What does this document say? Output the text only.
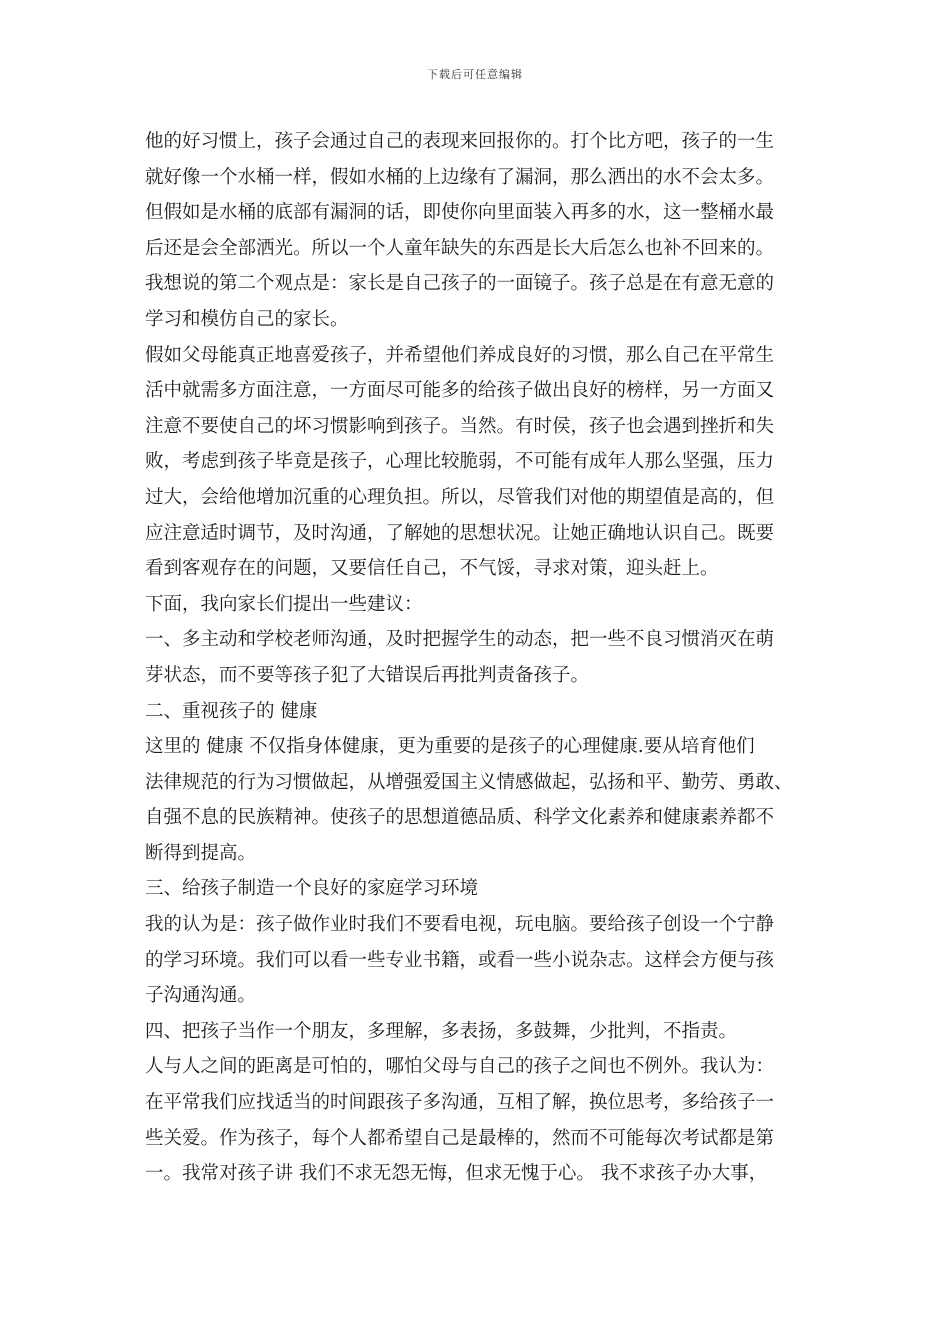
下载后可任意编辑
他的好习惯上，孩子会通过自己的表现来回报你的。打个比方吧，孩子的一生
就好像一个水桶一样，假如水桶的上边缘有了漏洞，那么洒出的水不会太多。
但假如是水桶的底部有漏洞的话，即使你向里面装入再多的水，这一整桶水最
后还是会全部洒光。所以一个人童年缺失的东西是长大后怎么也补不回来的。
我想说的第二个观点是：家长是自己孩子的一面镜子。孩子总是在有意无意的
学习和模仿自己的家长。
假如父母能真正地喜爱孩子，并希望他们养成良好的习惯，那么自己在平常生
活中就需多方面注意，一方面尽可能多的给孩子做出良好的榜样，另一方面又
注意不要使自己的坏习惯影响到孩子。当然。有时侯，孩子也会遇到挫折和失
败，考虑到孩子毕竟是孩子，心理比较脆弱，不可能有成年人那么坚强，压力
过大，会给他增加沉重的心理负担。所以，尽管我们对他的期望值是高的，但
应注意适时调节，及时沟通，了解她的思想状况。让她正确地认识自己。既要
看到客观存在的问题，又要信任自己，不气馁，寻求对策，迎头赶上。
下面，我向家长们提出一些建议：
一、多主动和学校老师沟通，及时把握学生的动态，把一些不良习惯消灭在萌
芽状态，而不要等孩子犯了大错误后再批判责备孩子。
二、重视孩子的 健康
这里的 健康 不仅指身体健康，更为重要的是孩子的心理健康.要从培育他们
法律规范的行为习惯做起，从增强爱国主义情感做起，弘扬和平、勤劳、勇敢、
自强不息的民族精神。使孩子的思想道德品质、科学文化素养和健康素养都不
断得到提高。
三、给孩子制造一个良好的家庭学习环境
我的认为是：孩子做作业时我们不要看电视，玩电脑。要给孩子创设一个宁静
的学习环境。我们可以看一些专业书籍，或看一些小说杂志。这样会方便与孩
子沟通沟通。
四、把孩子当作一个朋友，多理解，多表扬，多鼓舞，少批判，不指责。
人与人之间的距离是可怕的，哪怕父母与自己的孩子之间也不例外。我认为：
在平常我们应找适当的时间跟孩子多沟通，互相了解，换位思考，多给孩子一
些关爱。作为孩子，每个人都希望自己是最棒的，然而不可能每次考试都是第
一。我常对孩子讲 我们不求无怨无悔，但求无愧于心。 我不求孩子办大事，
